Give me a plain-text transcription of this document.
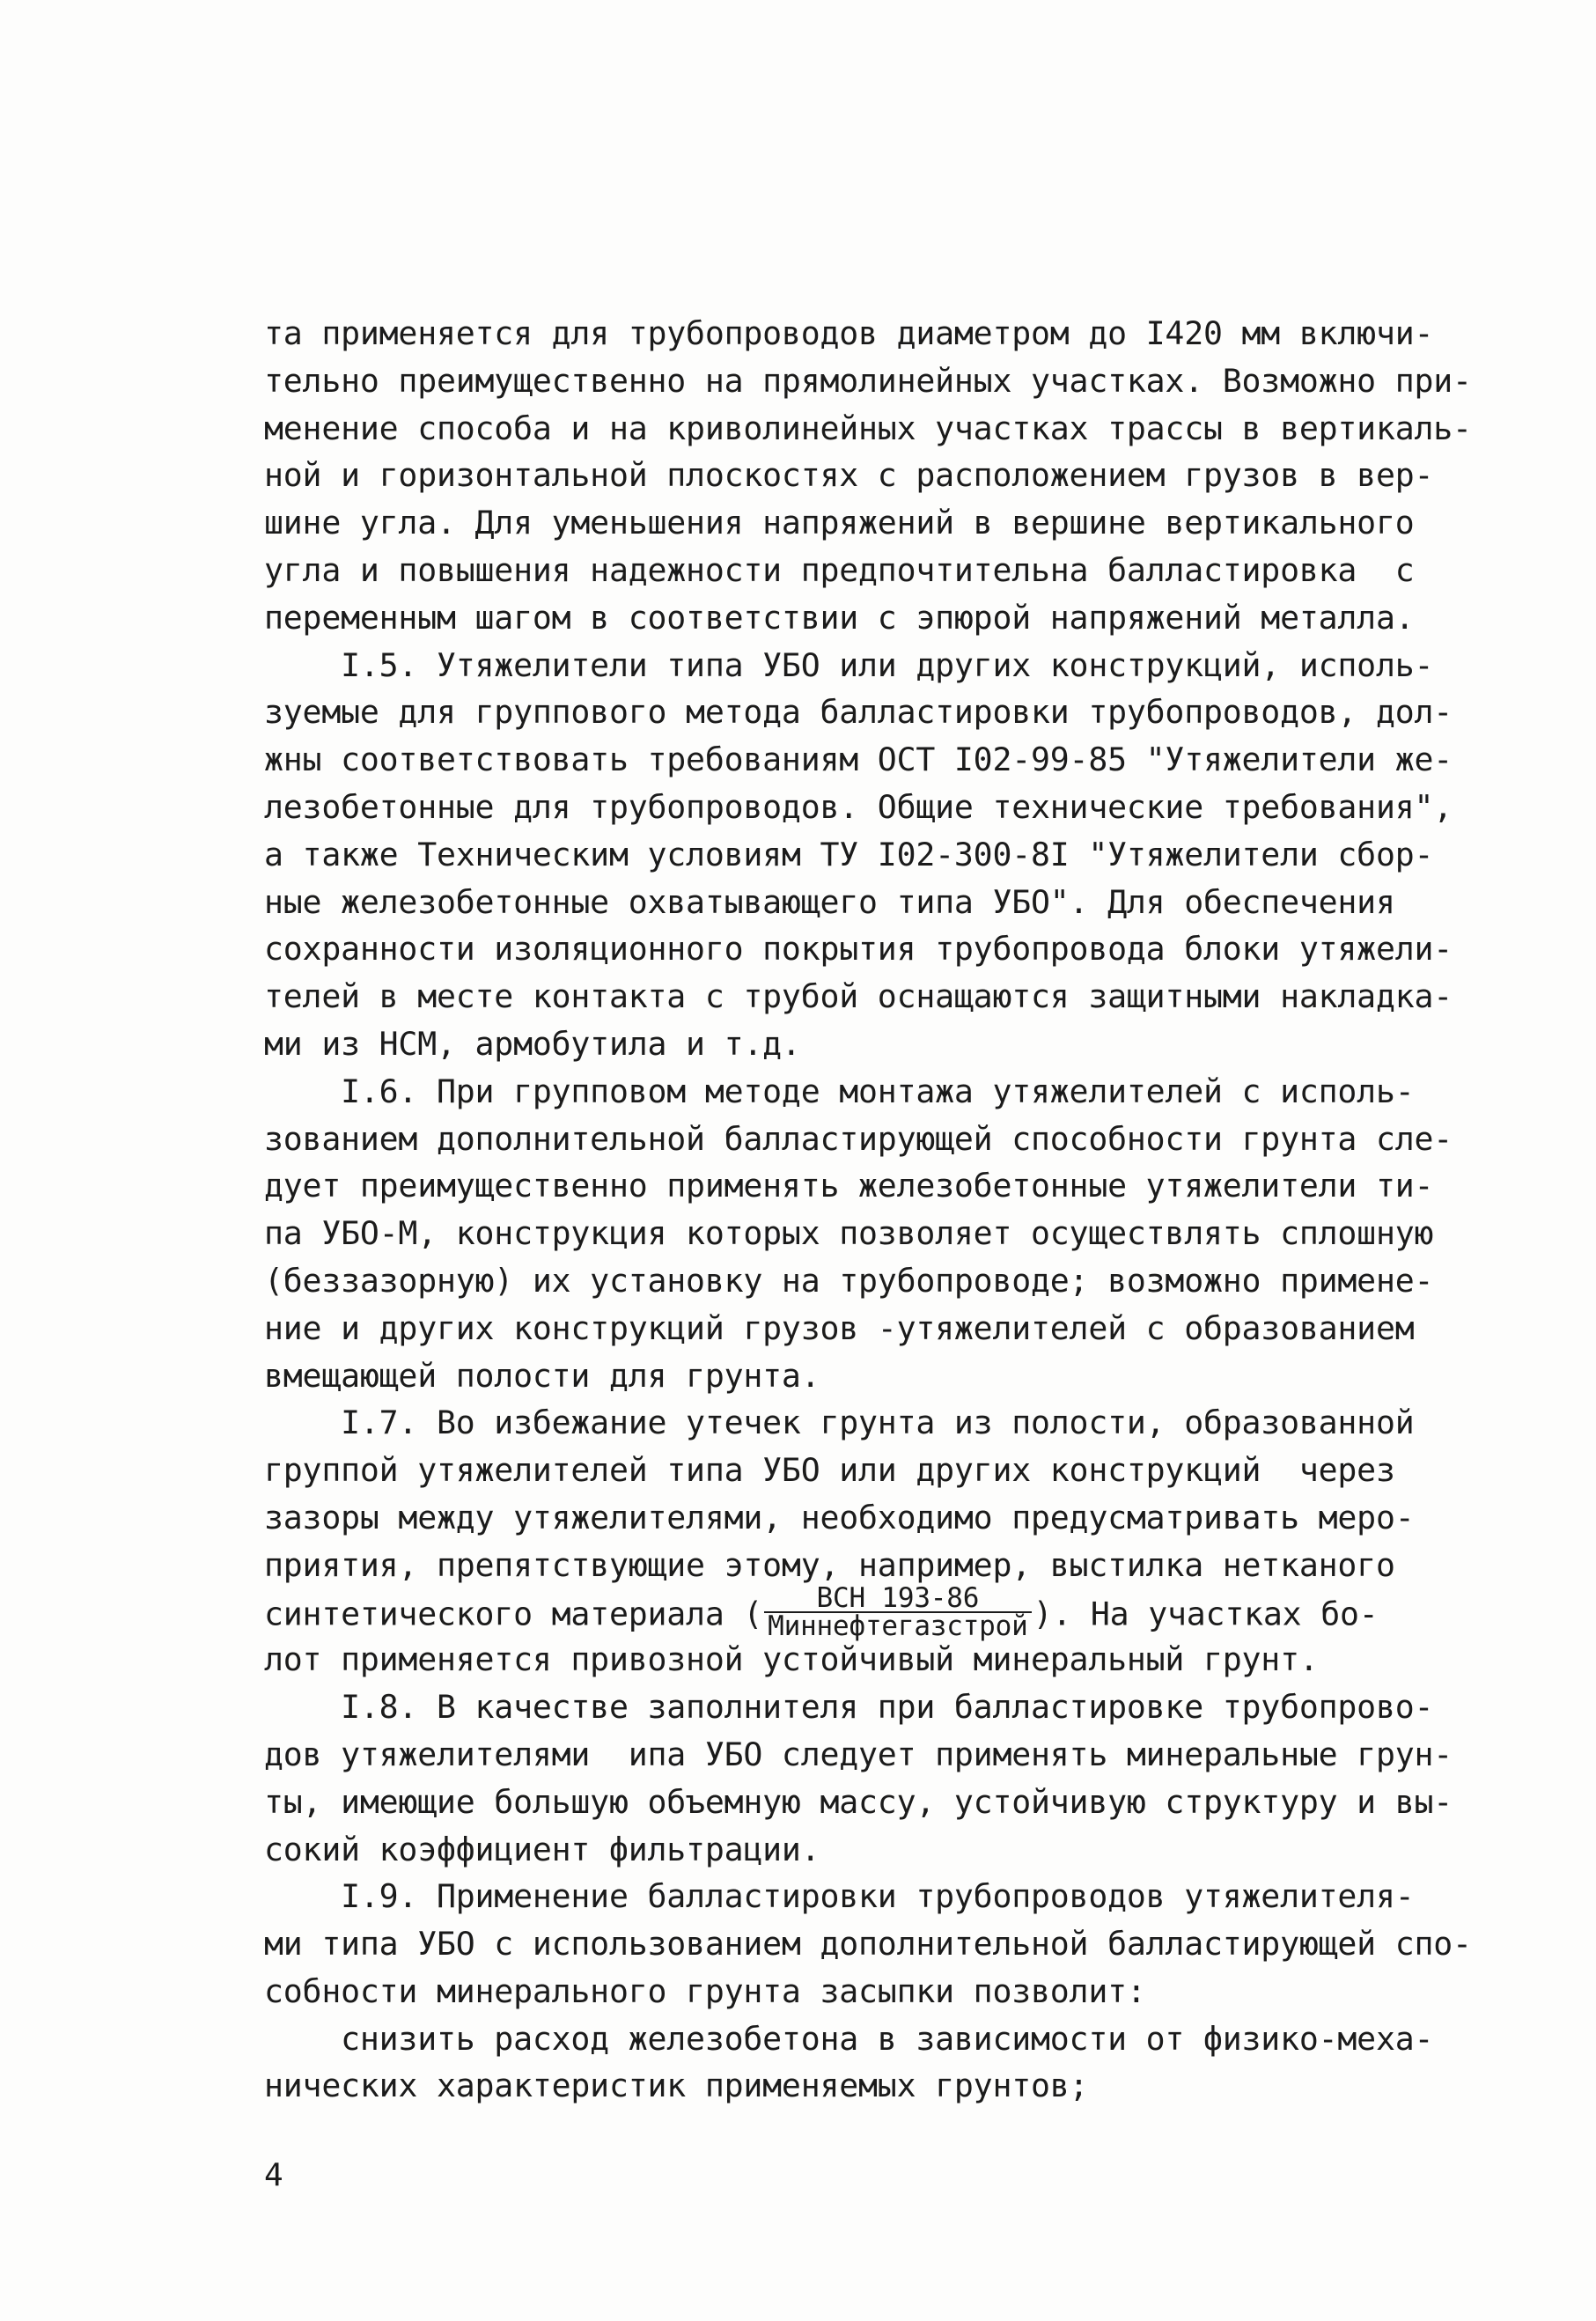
та применяется для трубопроводов диаметром до I420 мм включи-
тельно преимущественно на прямолинейных участках. Возможно при-
менение способа и на криволинейных участках трассы в вертикаль-
ной и горизонтальной плоскостях с расположением грузов в вер-
шине угла. Для уменьшения напряжений в вершине вертикального
угла и повышения надежности предпочтительна балластировка  с
переменным шагом в соответствии с эпюрой напряжений металла.
I.5. Утяжелители типа УБО или других конструкций, исполь-
зуемые для группового метода балластировки трубопроводов, дол-
жны соответствовать требованиям ОСТ I02-99-85 "Утяжелители же-
лезобетонные для трубопроводов. Общие технические требования",
а также Техническим условиям ТУ I02-300-8I "Утяжелители сбор-
ные железобетонные охватывающего типа УБО". Для обеспечения
сохранности изоляционного покрытия трубопровода блоки утяжели-
телей в месте контакта с трубой оснащаются защитными накладка-
ми из НСМ, армобутила и т.д.
I.6. При групповом методе монтажа утяжелителей с исполь-
зованием дополнительной балластирующей способности грунта сле-
дует преимущественно применять железобетонные утяжелители ти-
па УБО-М, конструкция которых позволяет осуществлять сплошную
(беззазорную) их установку на трубопроводе; возможно примене-
ние и других конструкций грузов -утяжелителей с образованием
вмещающей полости для грунта.
I.7. Во избежание утечек грунта из полости, образованной
группой утяжелителей типа УБО или других конструкций  через
зазоры между утяжелителями, необходимо предусматривать меро-
приятия, препятствующие этому, например, выстилка нетканого
синтетического материала ( $\frac{\text{ВСН 193-86}}{\text{Миннефтегазстрой}}$ ). На участках бо-
лот применяется привозной устойчивый минеральный грунт.
I.8. В качестве заполнителя при балластировке трубопрово-
дов утяжелителями  ипа УБО следует применять минеральные грун-
ты, имеющие большую объемную массу, устойчивую структуру и вы-
сокий коэффициент фильтрации.
I.9. Применение балластировки трубопроводов утяжелителя-
ми типа УБО с использованием дополнительной балластирующей спо-
собности минерального грунта засыпки позволит:
снизить расход железобетона в зависимости от физико-меха-
нических характеристик применяемых грунтов;
4
